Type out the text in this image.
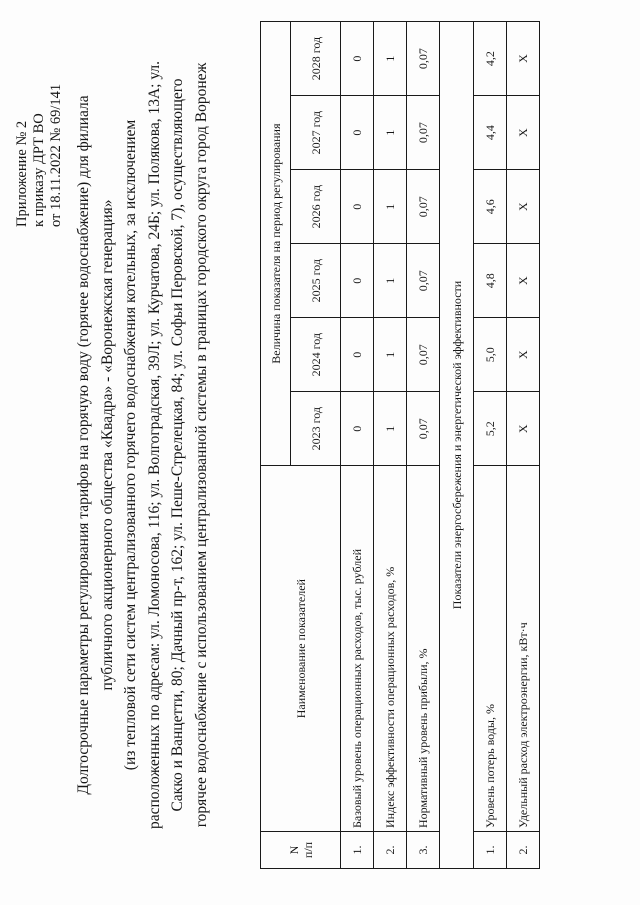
Приложение № 2 к приказу ДРТ ВО от 18.11.2022 № 69/141 Долгосрочные параметры регулирования тарифов на горячую воду (горячее водоснабжение) для филиала публичного акционерного общества «Квадра» - «Воронежская генерация» (из тепловой сети систем централизованного горячего водоснабжения котельных, за исключением расположенных по адресам: ул. Ломоносова, 116; ул. Волгоградская, 39Л; ул. Курчатова, 24Б; ул. Полякова, 13А; ул. Сакко и Ванцетти, 80; Дачный пр-т, 162; ул. Пеше-Стрелецкая, 84; ул. Софьи Перовской, 7), осуществляющего горячее водоснабжение с использованием централизованной системы в границах городского округа город Воронеж
N
п/п	Наименование показателей	Величина показателя на период регулирования					
		2023 год	2024 год	2025 год	2026 год	2027 год	2028 год
1.	Базовый уровень операционных расходов, тыс. рублей	0	0	0	0	0	0
2.	Индекс эффективности операционных расходов, %	1	1	1	1	1	1
3.	Нормативный уровень прибыли, %	0,07	0,07	0,07	0,07	0,07	0,07
Показатели энергосбережения и энергетической эффективности							
1.	Уровень потерь воды, %	5,2	5,0	4,8	4,6	4,4	4,2
2.	Удельный расход электроэнергии, кВт·ч	X	X	X	X	X	X
